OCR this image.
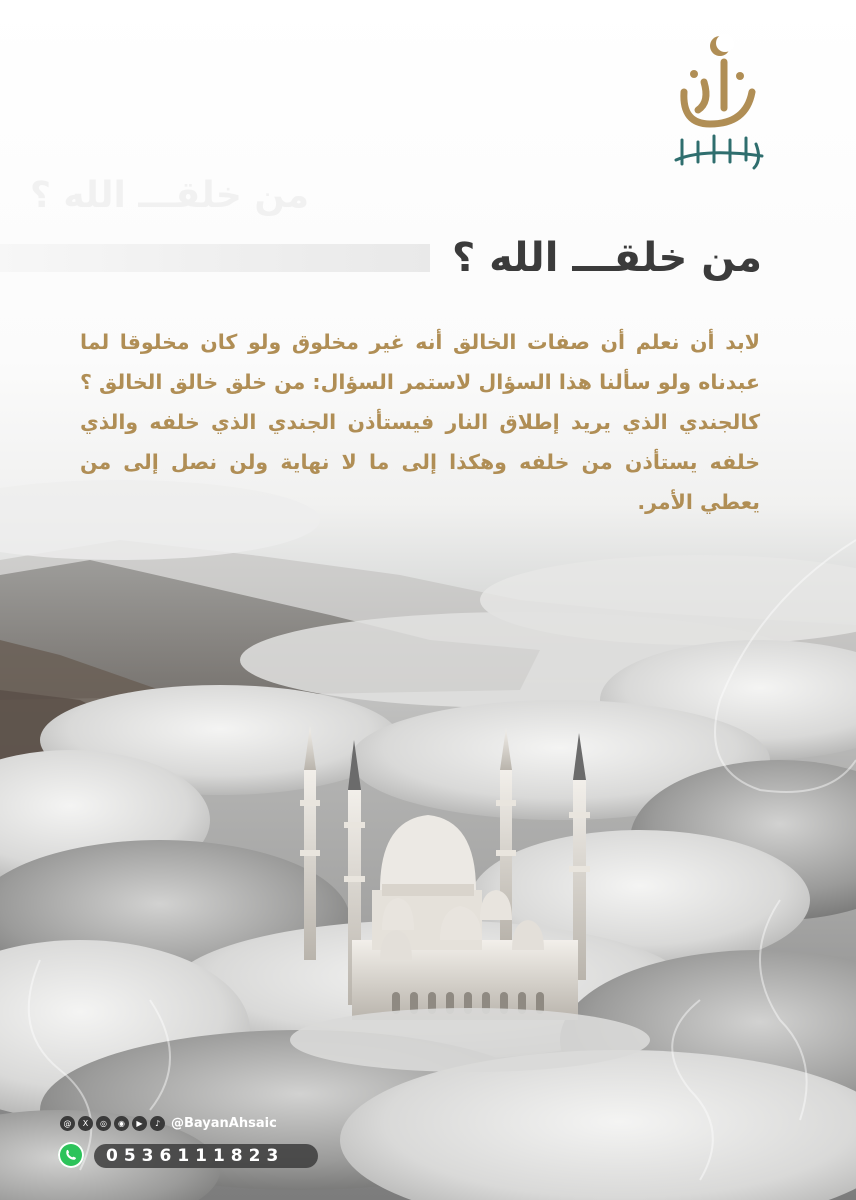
من خلقـــ الله ؟
من خلقـــ الله ؟
لابد أن نعلم أن صفات الخالق أنه غير مخلوق ولو كان مخلوقا لما عبدناه ولو سألنا هذا السؤال لاستمر السؤال: من خلق خالق الخالق ؟ كالجندي الذي يريد إطلاق النار فيستأذن الجندي الذي خلفه والذي خلفه يستأذن من خلفه وهكذا إلى ما لا نهاية ولن نصل إلى من يعطي الأمر.
@	X	◎	◉	▶	♪ @BayanAhsaic
0536111823
